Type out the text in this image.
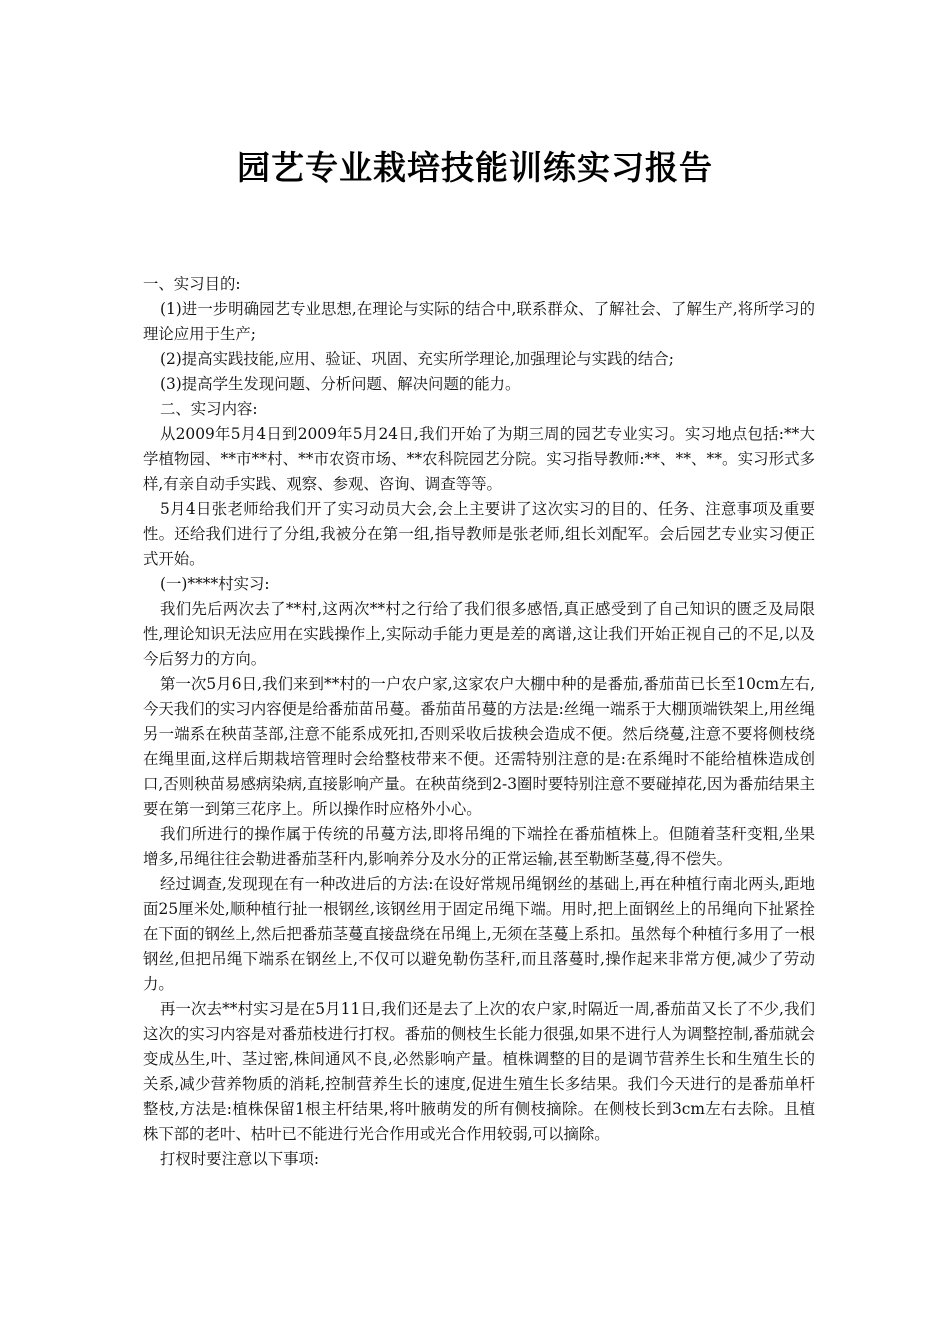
园艺专业栽培技能训练实习报告

一、实习目的:

(1)进一步明确园艺专业思想,在理论与实际的结合中,联系群众、了解社会、了解生产,将所学习的理论应用于生产;

(2)提高实践技能,应用、验证、巩固、充实所学理论,加强理论与实践的结合;

(3)提高学生发现问题、分析问题、解决问题的能力。

二、实习内容:

从2009年5月4日到2009年5月24日,我们开始了为期三周的园艺专业实习。实习地点包括:**大学植物园、**市**村、**市农资市场、**农科院园艺分院。实习指导教师:**、**、**。实习形式多样,有亲自动手实践、观察、参观、咨询、调查等等。

5月4日张老师给我们开了实习动员大会,会上主要讲了这次实习的目的、任务、注意事项及重要性。还给我们进行了分组,我被分在第一组,指导教师是张老师,组长刘配军。会后园艺专业实习便正式开始。

(一)****村实习:

我们先后两次去了**村,这两次**村之行给了我们很多感悟,真正感受到了自己知识的匮乏及局限性,理论知识无法应用在实践操作上,实际动手能力更是差的离谱,这让我们开始正视自己的不足,以及今后努力的方向。

第一次5月6日,我们来到**村的一户农户家,这家农户大棚中种的是番茄,番茄苗已长至10cm左右,今天我们的实习内容便是给番茄苗吊蔓。番茄苗吊蔓的方法是:丝绳一端系于大棚顶端铁架上,用丝绳另一端系在秧苗茎部,注意不能系成死扣,否则采收后拔秧会造成不便。然后绕蔓,注意不要将侧枝绕在绳里面,这样后期栽培管理时会给整枝带来不便。还需特别注意的是:在系绳时不能给植株造成创口,否则秧苗易感病染病,直接影响产量。在秧苗绕到2-3圈时要特别注意不要碰掉花,因为番茄结果主要在第一到第三花序上。所以操作时应格外小心。

我们所进行的操作属于传统的吊蔓方法,即将吊绳的下端拴在番茄植株上。但随着茎秆变粗,坐果增多,吊绳往往会勒进番茄茎秆内,影响养分及水分的正常运输,甚至勒断茎蔓,得不偿失。

经过调查,发现现在有一种改进后的方法:在设好常规吊绳钢丝的基础上,再在种植行南北两头,距地面25厘米处,顺种植行扯一根钢丝,该钢丝用于固定吊绳下端。用时,把上面钢丝上的吊绳向下扯紧拴在下面的钢丝上,然后把番茄茎蔓直接盘绕在吊绳上,无须在茎蔓上系扣。虽然每个种植行多用了一根钢丝,但把吊绳下端系在钢丝上,不仅可以避免勒伤茎秆,而且落蔓时,操作起来非常方便,减少了劳动力。

再一次去**村实习是在5月11日,我们还是去了上次的农户家,时隔近一周,番茄苗又长了不少,我们这次的实习内容是对番茄枝进行打杈。番茄的侧枝生长能力很强,如果不进行人为调整控制,番茄就会变成丛生,叶、茎过密,株间通风不良,必然影响产量。植株调整的目的是调节营养生长和生殖生长的关系,减少营养物质的消耗,控制营养生长的速度,促进生殖生长多结果。我们今天进行的是番茄单杆整枝,方法是:植株保留1根主杆结果,将叶腋萌发的所有侧枝摘除。在侧枝长到3cm左右去除。且植株下部的老叶、枯叶已不能进行光合作用或光合作用较弱,可以摘除。

打杈时要注意以下事项:
